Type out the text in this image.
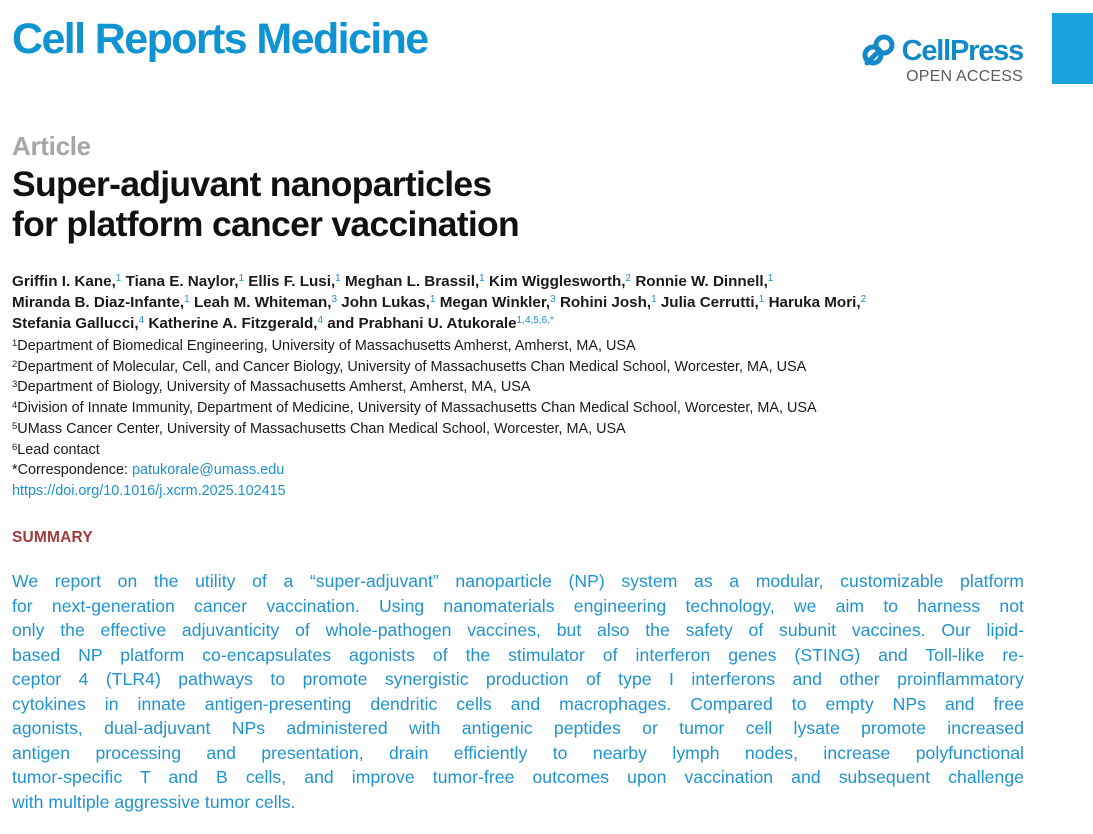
Cell Reports Medicine	CellPress
OPEN ACCESS
Article
Super-adjuvant nanoparticles
for platform cancer vaccination
Griffin I. Kane,$^1$ Tiana E. Naylor,$^1$ Ellis F. Lusi,$^1$ Meghan L. Brassil,$^1$ Kim Wigglesworth,$^2$ Ronnie W. Dinnell,$^1$
Miranda B. Diaz-Infante,$^1$ Leah M. Whiteman,$^3$ John Lukas,$^1$ Megan Winkler,$^3$ Rohini Josh,$^1$ Julia Cerrutti,$^1$ Haruka Mori,$^2$
Stefania Gallucci,$^4$ Katherine A. Fitzgerald,$^4$ and Prabhani U. Atukorale$^{1,4,5,6,*}$
$^1$Department of Biomedical Engineering, University of Massachusetts Amherst, Amherst, MA, USA
$^2$Department of Molecular, Cell, and Cancer Biology, University of Massachusetts Chan Medical School, Worcester, MA, USA
$^3$Department of Biology, University of Massachusetts Amherst, Amherst, MA, USA
$^4$Division of Innate Immunity, Department of Medicine, University of Massachusetts Chan Medical School, Worcester, MA, USA
$^5$UMass Cancer Center, University of Massachusetts Chan Medical School, Worcester, MA, USA
$^6$Lead contact
*Correspondence: patukorale@umass.edu
https://doi.org/10.1016/j.xcrm.2025.102415
SUMMARY
We report on the utility of a “super-adjuvant” nanoparticle (NP) system as a modular, customizable platform
for next-generation cancer vaccination. Using nanomaterials engineering technology, we aim to harness not
only the effective adjuvanticity of whole-pathogen vaccines, but also the safety of subunit vaccines. Our lipid-
based NP platform co-encapsulates agonists of the stimulator of interferon genes (STING) and Toll-like re-
ceptor 4 (TLR4) pathways to promote synergistic production of type I interferons and other proinflammatory
cytokines in innate antigen-presenting dendritic cells and macrophages. Compared to empty NPs and free
agonists, dual-adjuvant NPs administered with antigenic peptides or tumor cell lysate promote increased
antigen processing and presentation, drain efficiently to nearby lymph nodes, increase polyfunctional
tumor-specific T and B cells, and improve tumor-free outcomes upon vaccination and subsequent challenge
with multiple aggressive tumor cells.
